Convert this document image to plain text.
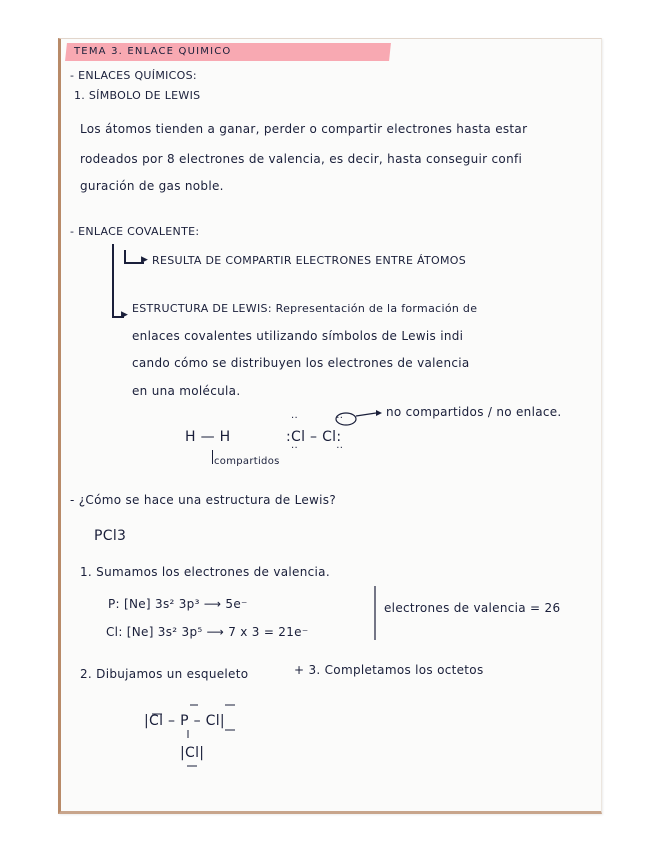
TEMA 3. ENLACE QUIMICO
- ENLACES QUÍMICOS:
1. SÍMBOLO DE LEWIS
Los átomos tienden a ganar, perder o compartir electrones hasta estar
rodeados por 8 electrones de valencia, es decir, hasta conseguir confi
guración de gas noble.
- ENLACE COVALENTE:
▶ RESULTA DE COMPARTIR ELECTRONES ENTRE ÁTOMOS
▶ ESTRUCTURA DE LEWIS: Representación de la formación de
enlaces covalentes utilizando símbolos de Lewis indi
cando cómo se distribuyen los electrones de valencia
en una molécula.
H — H
compartidos
:Cl – Cl:
··           ··
··           ··
no compartidos / no enlace.
- ¿Cómo se hace una estructura de Lewis?
PCl3
1. Sumamos los electrones de valencia.
P: [Ne] 3s² 3p³ ⟶ 5e⁻
Cl: [Ne] 3s² 3p⁵ ⟶ 7 x 3 = 21e⁻
electrones de valencia = 26
2. Dibujamos un esqueleto	+ 3. Completamos los octetos
|Cl – P – Cl|
|Cl|
